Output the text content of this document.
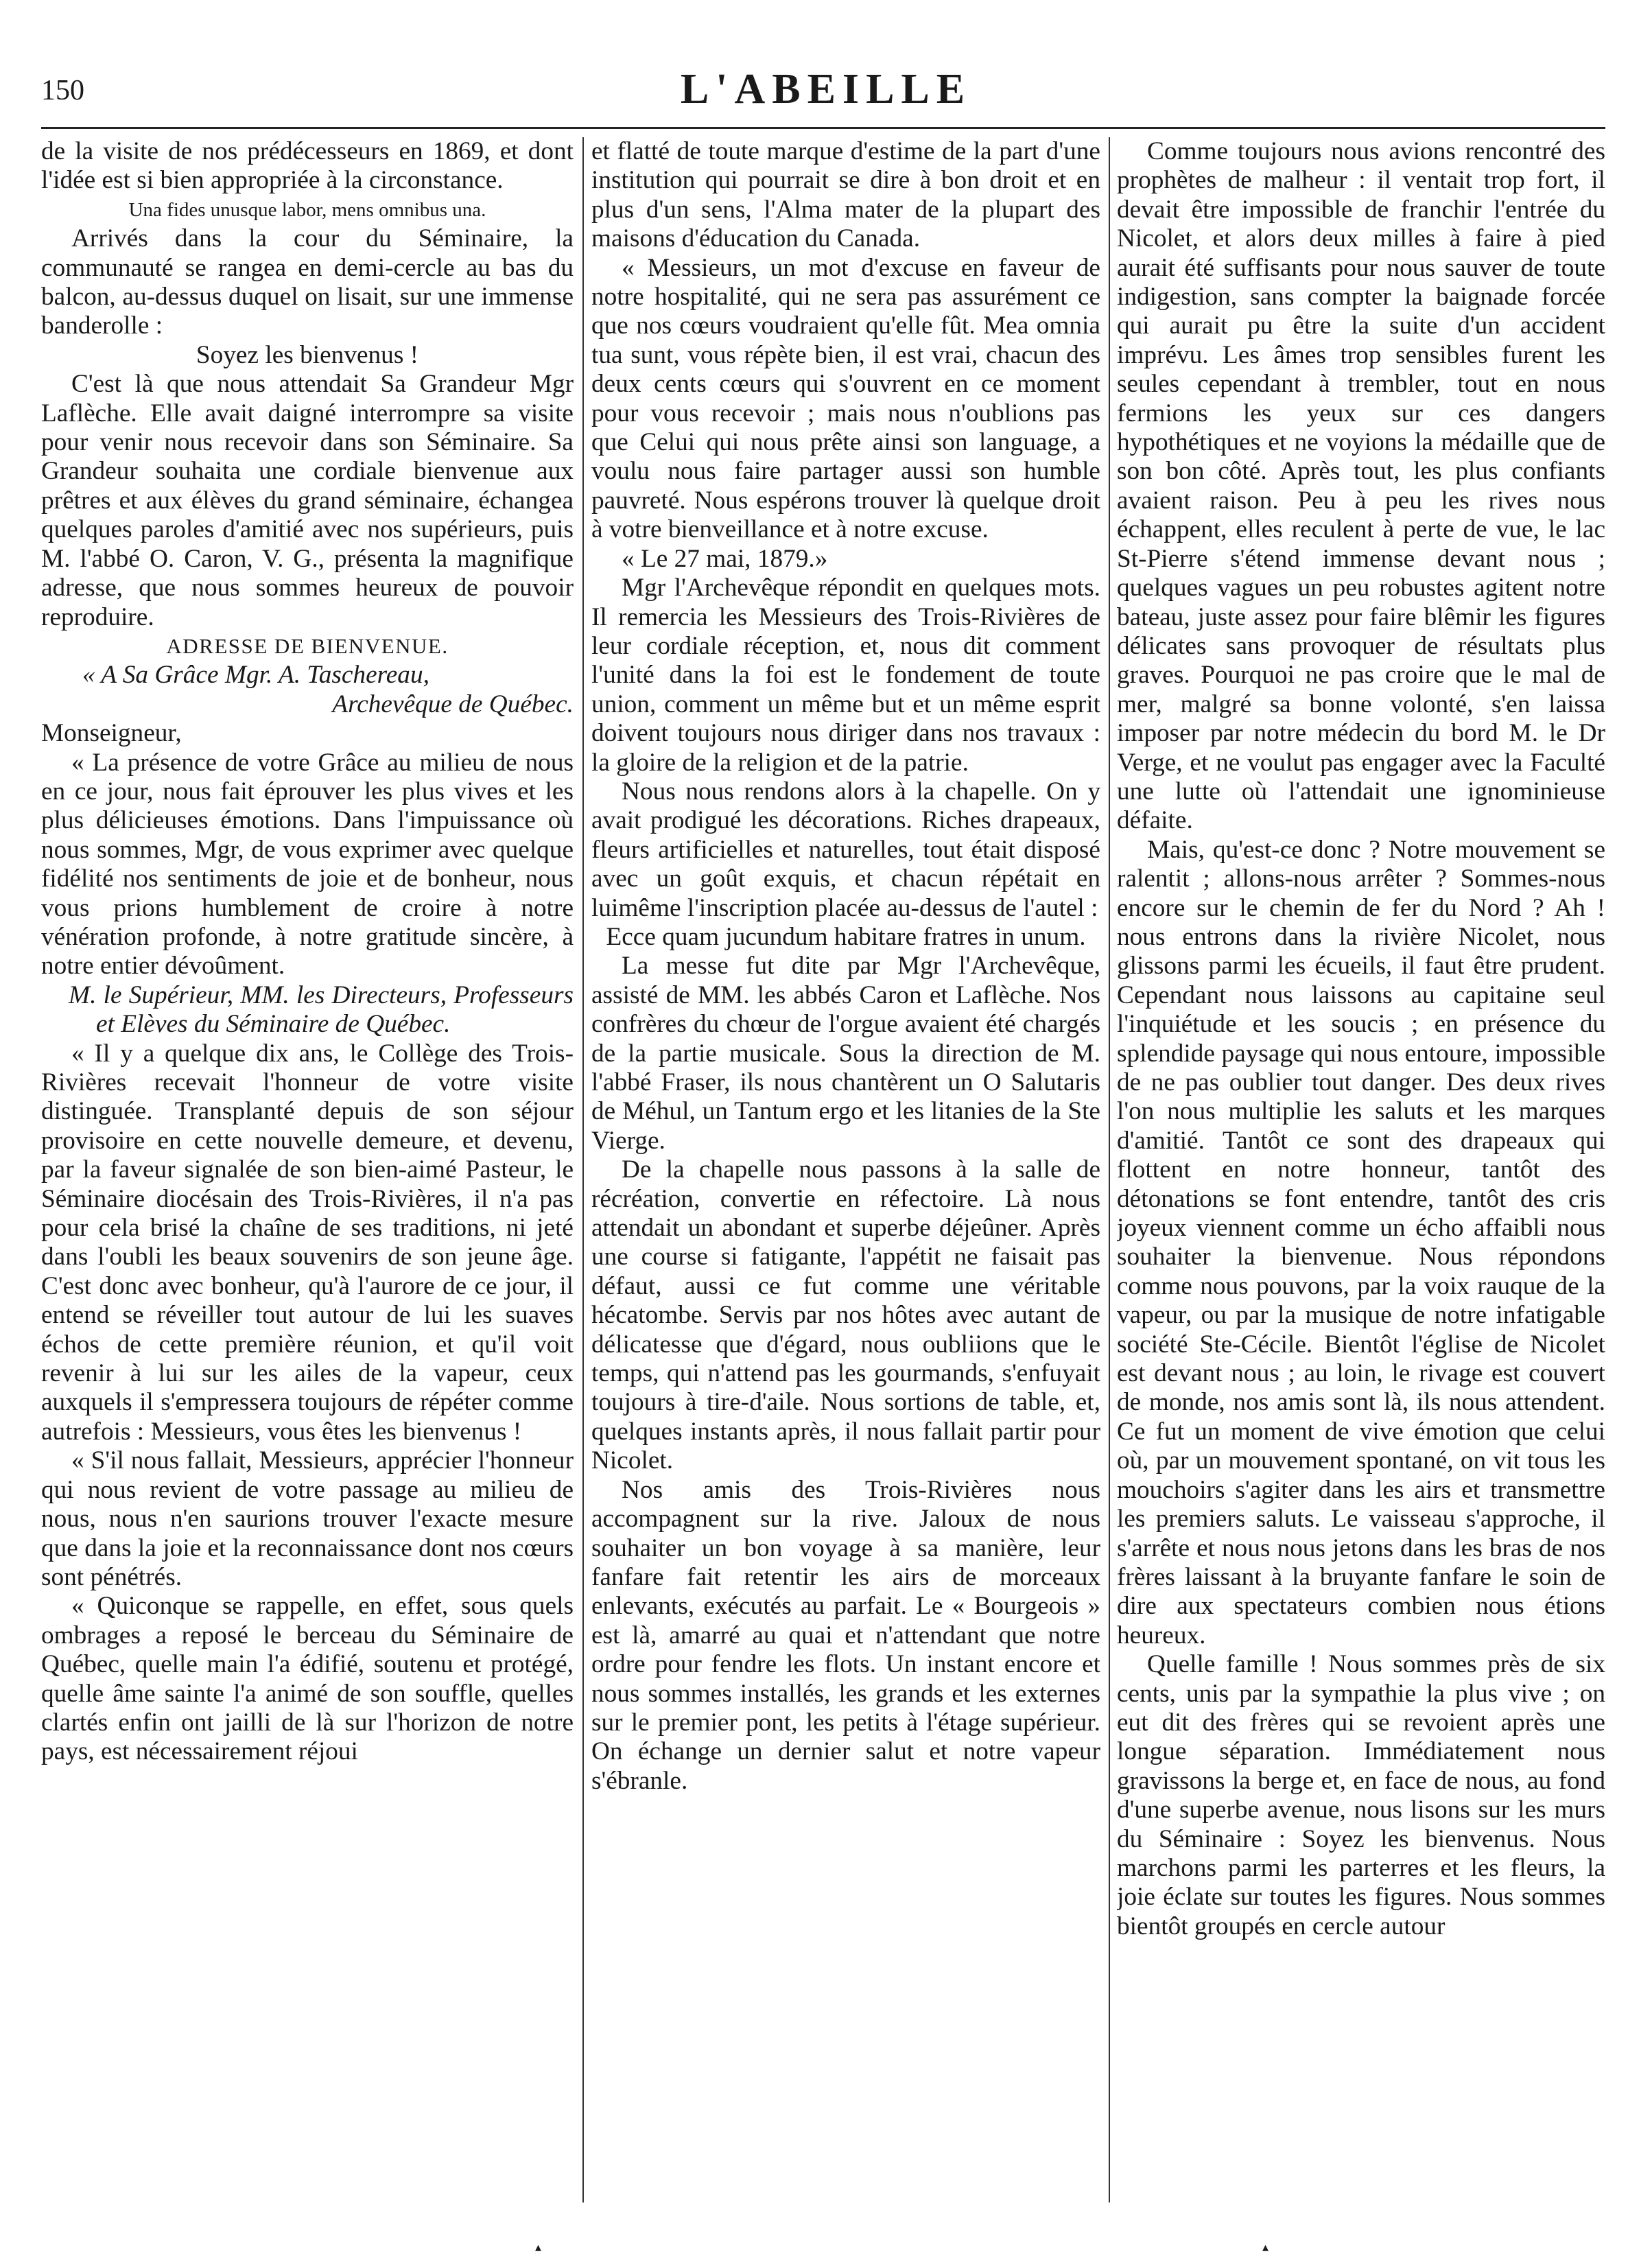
150	L'ABEILLE

de la visite de nos prédécesseurs en 1869, et dont l'idée est si bien appropriée à la circonstance.

Una fides unusque labor, mens omnibus una.

Arrivés dans la cour du Séminaire, la communauté se rangea en demi-cercle au bas du balcon, au-dessus duquel on lisait, sur une immense banderolle :

Soyez les bienvenus !

C'est là que nous attendait Sa Grandeur Mgr Laflèche. Elle avait daigné interrompre sa visite pour venir nous recevoir dans son Séminaire. Sa Grandeur souhaita une cordiale bienvenue aux prêtres et aux élèves du grand séminaire, échangea quelques paroles d'amitié avec nos supérieurs, puis M. l'abbé O. Caron, V. G., présenta la magnifique adresse, que nous sommes heureux de pouvoir reproduire.

ADRESSE DE BIENVENUE.

« A Sa Grâce Mgr. A. Taschereau,

Archevêque de Québec.

Monseigneur,

« La présence de votre Grâce au milieu de nous en ce jour, nous fait éprouver les plus vives et les plus délicieuses émotions. Dans l'impuissance où nous sommes, Mgr, de vous exprimer avec quelque fidélité nos sentiments de joie et de bonheur, nous vous prions humblement de croire à notre vénération profonde, à notre gratitude sincère, à notre entier dévoûment.

M. le Supérieur, MM. les Directeurs, Professeurs et Elèves du Séminaire de Québec.

« Il y a quelque dix ans, le Collège des Trois-Rivières recevait l'honneur de votre visite distinguée. Transplanté depuis de son séjour provisoire en cette nouvelle demeure, et devenu, par la faveur signalée de son bien-aimé Pasteur, le Séminaire diocésain des Trois-Rivières, il n'a pas pour cela brisé la chaîne de ses traditions, ni jeté dans l'oubli les beaux souvenirs de son jeune âge. C'est donc avec bonheur, qu'à l'aurore de ce jour, il entend se réveiller tout autour de lui les suaves échos de cette première réunion, et qu'il voit revenir à lui sur les ailes de la vapeur, ceux auxquels il s'empressera toujours de répéter comme autrefois : Messieurs, vous êtes les bienvenus !

« S'il nous fallait, Messieurs, apprécier l'honneur qui nous revient de votre passage au milieu de nous, nous n'en saurions trouver l'exacte mesure que dans la joie et la reconnaissance dont nos cœurs sont pénétrés.

« Quiconque se rappelle, en effet, sous quels ombrages a reposé le berceau du Séminaire de Québec, quelle main l'a édifié, soutenu et protégé, quelle âme sainte l'a animé de son souffle, quelles clartés enfin ont jailli de là sur l'horizon de notre pays, est nécessairement réjoui

et flatté de toute marque d'estime de la part d'une institution qui pourrait se dire à bon droit et en plus d'un sens, l'Alma mater de la plupart des maisons d'éducation du Canada.

« Messieurs, un mot d'excuse en faveur de notre hospitalité, qui ne sera pas assurément ce que nos cœurs voudraient qu'elle fût. Mea omnia tua sunt, vous répète bien, il est vrai, chacun des deux cents cœurs qui s'ouvrent en ce moment pour vous recevoir ; mais nous n'oublions pas que Celui qui nous prête ainsi son language, a voulu nous faire partager aussi son humble pauvreté. Nous espérons trouver là quelque droit à votre bienveillance et à notre excuse.

« Le 27 mai, 1879.»

Mgr l'Archevêque répondit en quelques mots. Il remercia les Messieurs des Trois-Rivières de leur cordiale réception, et, nous dit comment l'unité dans la foi est le fondement de toute union, comment un même but et un même esprit doivent toujours nous diriger dans nos travaux : la gloire de la religion et de la patrie.

Nous nous rendons alors à la chapelle. On y avait prodigué les décorations. Riches drapeaux, fleurs artificielles et naturelles, tout était disposé avec un goût exquis, et chacun répétait en luimême l'inscription placée au-dessus de l'autel :

Ecce quam jucundum habitare fratres in unum.

La messe fut dite par Mgr l'Archevêque, assisté de MM. les abbés Caron et Laflèche. Nos confrères du chœur de l'orgue avaient été chargés de la partie musicale. Sous la direction de M. l'abbé Fraser, ils nous chantèrent un O Salutaris de Méhul, un Tantum ergo et les litanies de la Ste Vierge.

De la chapelle nous passons à la salle de récréation, convertie en réfectoire. Là nous attendait un abondant et superbe déjeûner. Après une course si fatigante, l'appétit ne faisait pas défaut, aussi ce fut comme une véritable hécatombe. Servis par nos hôtes avec autant de délicatesse que d'égard, nous oubliions que le temps, qui n'attend pas les gourmands, s'enfuyait toujours à tire-d'aile. Nous sortions de table, et, quelques instants après, il nous fallait partir pour Nicolet.

Nos amis des Trois-Rivières nous accompagnent sur la rive. Jaloux de nous souhaiter un bon voyage à sa manière, leur fanfare fait retentir les airs de morceaux enlevants, exécutés au parfait. Le « Bourgeois » est là, amarré au quai et n'attendant que notre ordre pour fendre les flots. Un instant encore et nous sommes installés, les grands et les externes sur le premier pont, les petits à l'étage supérieur. On échange un dernier salut et notre vapeur s'ébranle.

Comme toujours nous avions rencontré des prophètes de malheur : il ventait trop fort, il devait être impossible de franchir l'entrée du Nicolet, et alors deux milles à faire à pied aurait été suffisants pour nous sauver de toute indigestion, sans compter la baignade forcée qui aurait pu être la suite d'un accident imprévu. Les âmes trop sensibles furent les seules cependant à trembler, tout en nous fermions les yeux sur ces dangers hypothétiques et ne voyions la médaille que de son bon côté. Après tout, les plus confiants avaient raison. Peu à peu les rives nous échappent, elles reculent à perte de vue, le lac St-Pierre s'étend immense devant nous ; quelques vagues un peu robustes agitent notre bateau, juste assez pour faire blêmir les figures délicates sans provoquer de résultats plus graves. Pourquoi ne pas croire que le mal de mer, malgré sa bonne volonté, s'en laissa imposer par notre médecin du bord M. le Dr Verge, et ne voulut pas engager avec la Faculté une lutte où l'attendait une ignominieuse défaite.

Mais, qu'est-ce donc ? Notre mouvement se ralentit ; allons-nous arrêter ? Sommes-nous encore sur le chemin de fer du Nord ? Ah ! nous entrons dans la rivière Nicolet, nous glissons parmi les écueils, il faut être prudent. Cependant nous laissons au capitaine seul l'inquiétude et les soucis ; en présence du splendide paysage qui nous entoure, impossible de ne pas oublier tout danger. Des deux rives l'on nous multiplie les saluts et les marques d'amitié. Tantôt ce sont des drapeaux qui flottent en notre honneur, tantôt des détonations se font entendre, tantôt des cris joyeux viennent comme un écho affaibli nous souhaiter la bienvenue. Nous répondons comme nous pouvons, par la voix rauque de la vapeur, ou par la musique de notre infatigable société Ste-Cécile. Bientôt l'église de Nicolet est devant nous ; au loin, le rivage est couvert de monde, nos amis sont là, ils nous attendent. Ce fut un moment de vive émotion que celui où, par un mouvement spontané, on vit tous les mouchoirs s'agiter dans les airs et transmettre les premiers saluts. Le vaisseau s'approche, il s'arrête et nous nous jetons dans les bras de nos frères laissant à la bruyante fanfare le soin de dire aux spectateurs combien nous étions heureux.

Quelle famille ! Nous sommes près de six cents, unis par la sympathie la plus vive ; on eut dit des frères qui se revoient après une longue séparation. Immédiatement nous gravissons la berge et, en face de nous, au fond d'une superbe avenue, nous lisons sur les murs du Séminaire : Soyez les bienvenus. Nous marchons parmi les parterres et les fleurs, la joie éclate sur toutes les figures. Nous sommes bientôt groupés en cercle autour

▴	▴
